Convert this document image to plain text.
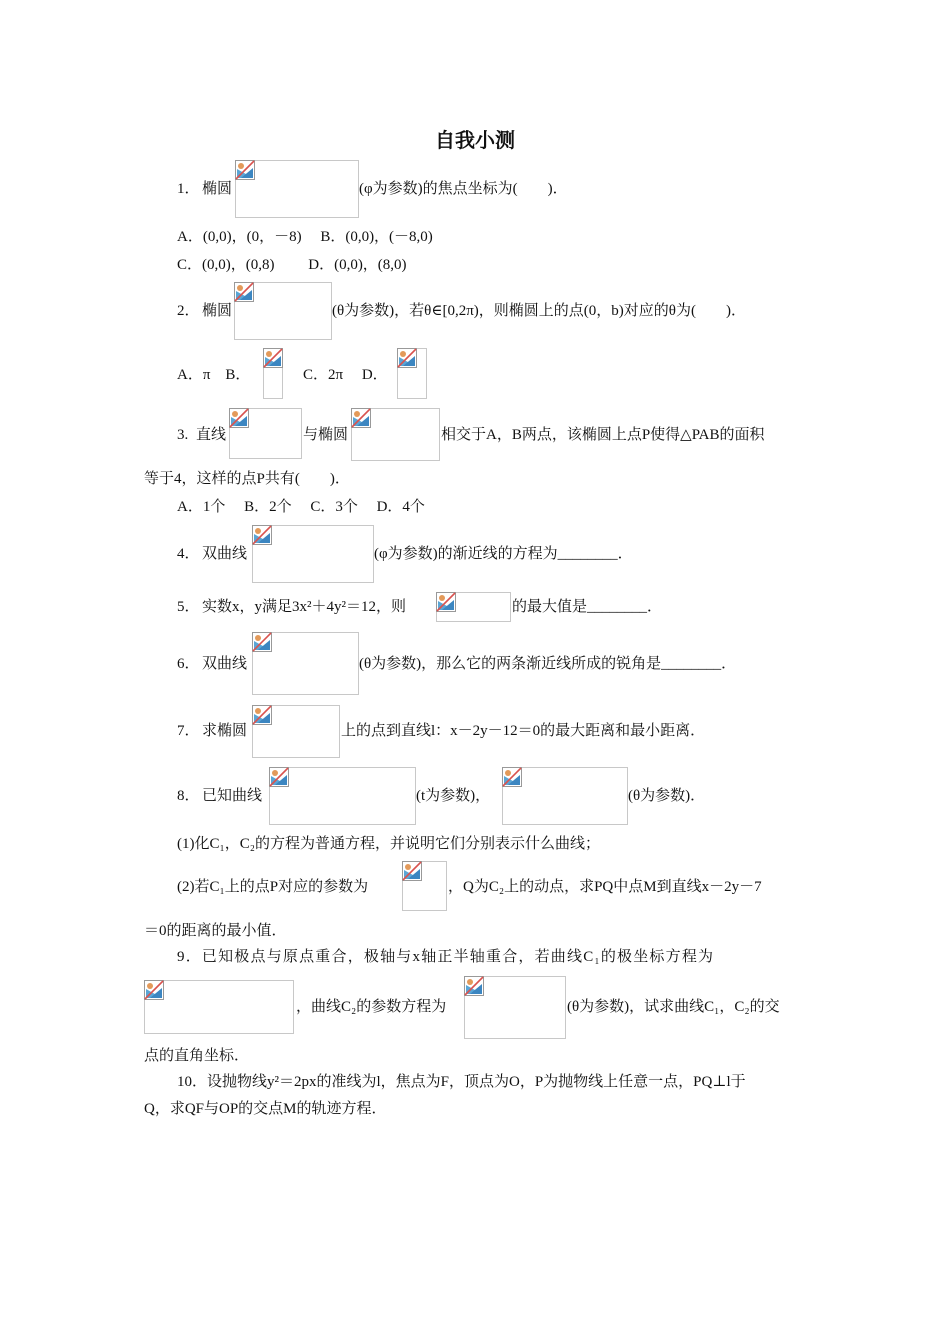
自我小测
1． 椭圆	(φ为参数)的焦点坐标为(　　)．
A．(0,0)，(0，－8)　 B．(0,0)，(－8,0)
C．(0,0)，(0,8)　　 D．(0,0)，(8,0)
2． 椭圆	(θ为参数)，若θ∈[0,2π)，则椭圆上的点(0，b)对应的θ为(　　)．
A．π　B．	C．2π　 D．
3. 直线	与椭圆	相交于A，B两点，该椭圆上点P使得△PAB的面积
等于4，这样的点P共有(　　)．
A．1个　 B．2个　 C．3个　 D．4个
4． 双曲线	(φ为参数)的渐近线的方程为________．
5． 实数x，y满足3x²＋4y²＝12，则	的最大值是________．
6． 双曲线	(θ为参数)，那么它的两条渐近线所成的锐角是________．
7． 求椭圆	上的点到直线l：x－2y－12＝0的最大距离和最小距离．
8． 已知曲线	(t为参数)，	(θ为参数)．
(1)化C₁，C₂的方程为普通方程，并说明它们分别表示什么曲线；
(2)若C₁上的点P对应的参数为	，Q为C₂上的动点，求PQ中点M到直线x－2y－7
＝0的距离的最小值．
9．已知极点与原点重合，极轴与x轴正半轴重合，若曲线C₁的极坐标方程为
，曲线C₂的参数方程为	(θ为参数)，试求曲线C₁，C₂的交
点的直角坐标．
10．设抛物线y²＝2px的准线为l，焦点为F，顶点为O，P为抛物线上任意一点，PQ⊥l于
Q，求QF与OP的交点M的轨迹方程．
